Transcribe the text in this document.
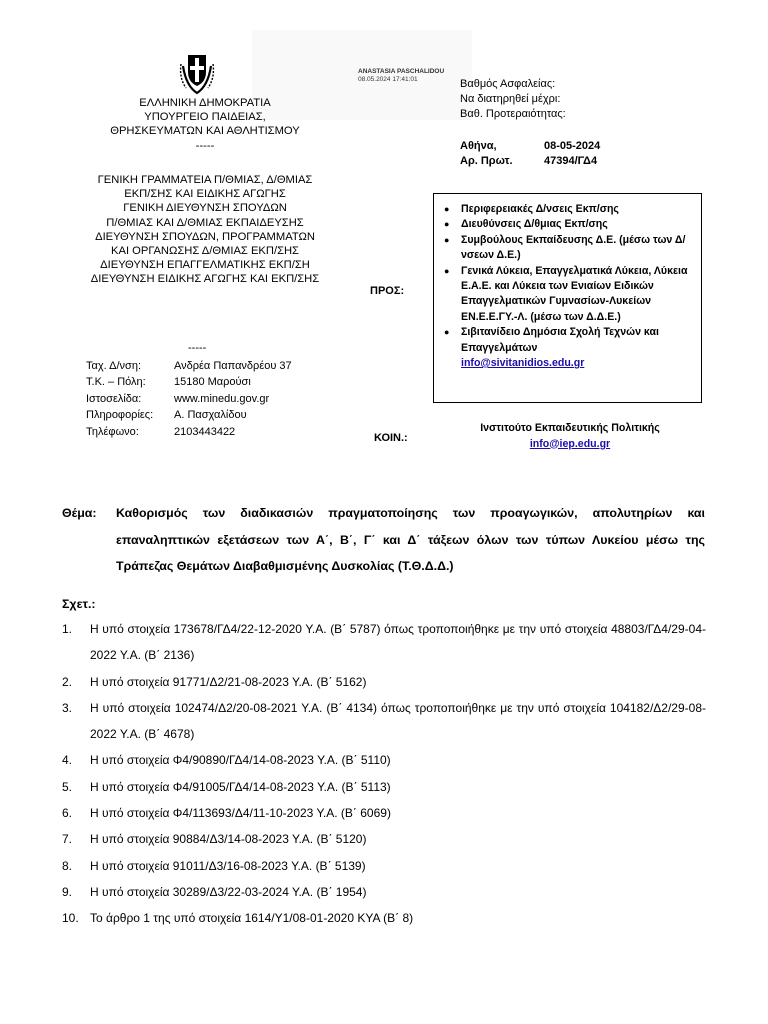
ΕΛΛΗΝΙΚΗ ΔΗΜΟΚΡΑΤΙΑ
ΥΠΟΥΡΓΕΙΟ ΠΑΙΔΕΙΑΣ,
ΘΡΗΣΚΕΥΜΑΤΩΝ ΚΑΙ ΑΘΛΗΤΙΣΜΟΥ
-----
ΓΕΝΙΚΗ ΓΡΑΜΜΑΤΕΙΑ Π/ΘΜΙΑΣ, Δ/ΘΜΙΑΣ
ΕΚΠ/ΣΗΣ ΚΑΙ ΕΙΔΙΚΗΣ ΑΓΩΓΗΣ
ΓΕΝΙΚΗ ΔΙΕΥΘΥΝΣΗ ΣΠΟΥΔΩΝ
Π/ΘΜΙΑΣ ΚΑΙ Δ/ΘΜΙΑΣ ΕΚΠΑΙΔΕΥΣΗΣ
ΔΙΕΥΘΥΝΣΗ ΣΠΟΥΔΩΝ, ΠΡΟΓΡΑΜΜΑΤΩΝ
ΚΑΙ ΟΡΓΑΝΩΣΗΣ Δ/ΘΜΙΑΣ ΕΚΠ/ΣΗΣ
ΔΙΕΥΘΥΝΣΗ ΕΠΑΓΓΕΛΜΑΤΙΚΗΣ ΕΚΠ/ΣΗ
ΔΙΕΥΘΥΝΣΗ ΕΙΔΙΚΗΣ ΑΓΩΓΗΣ ΚΑΙ ΕΚΠ/ΣΗΣ
-----
ANASTASIA PASCHALIDOU
08.05.2024 17:41:01	Βαθμός Ασφαλείας:
Να διατηρηθεί μέχρι:
Βαθ. Προτεραιότητας:
Αθήνα,	08-05-2024
Αρ. Πρωτ.	47394/ΓΔ4
Ταχ. Δ/νση:	Ανδρέα Παπανδρέου 37
Τ.Κ. – Πόλη:	15180 Μαρούσι
Ιστοσελίδα:	www.minedu.gov.gr
Πληροφορίες:	Α. Πασχαλίδου
Τηλέφωνο:	2103443422
ΠΡΟΣ:
●	Περιφερειακές Δ/νσεις Εκπ/σης
●	Διευθύνσεις Δ/θμιας Εκπ/σης
●	Συμβούλους Εκπαίδευσης Δ.Ε. (μέσω των Δ/νσεων Δ.Ε.)
●	Γενικά Λύκεια, Επαγγελματικά Λύκεια, Λύκεια Ε.Α.Ε. και Λύκεια των Ενιαίων Ειδικών Επαγγελματικών Γυμνασίων-Λυκείων ΕΝ.Ε.Ε.ΓΥ.-Λ. (μέσω των Δ.Δ.Ε.)
●	Σιβιτανίδειο Δημόσια Σχολή Τεχνών και Επαγγελμάτων
info@sivitanidios.edu.gr
ΚΟΙΝ.:
Ινστιτούτο Εκπαιδευτικής Πολιτικής
info@iep.edu.gr
Θέμα: Καθορισμός των διαδικασιών πραγματοποίησης των προαγωγικών, απολυτηρίων και επαναληπτικών εξετάσεων των Α΄, Β΄, Γ΄ και Δ΄ τάξεων όλων των τύπων Λυκείου μέσω της Τράπεζας Θεμάτων Διαβαθμισμένης Δυσκολίας (Τ.Θ.Δ.Δ.)
Σχετ.:
1.	Η υπό στοιχεία 173678/ΓΔ4/22-12-2020 Υ.Α. (Β΄ 5787) όπως τροποποιήθηκε με την υπό στοιχεία 48803/ΓΔ4/29-04-2022 Υ.Α. (Β΄ 2136)
2.	Η υπό στοιχεία 91771/Δ2/21-08-2023 Υ.Α. (Β΄ 5162)
3.	Η υπό στοιχεία 102474/Δ2/20-08-2021 Υ.Α. (Β΄ 4134) όπως τροποποιήθηκε με την υπό στοιχεία 104182/Δ2/29-08-2022 Υ.Α. (Β΄ 4678)
4.	Η υπό στοιχεία Φ4/90890/ΓΔ4/14-08-2023 Υ.Α. (Β΄ 5110)
5.	Η υπό στοιχεία Φ4/91005/ΓΔ4/14-08-2023 Υ.Α. (Β΄ 5113)
6.	Η υπό στοιχεία Φ4/113693/Δ4/11-10-2023 Υ.Α. (Β΄ 6069)
7.	Η υπό στοιχεία 90884/Δ3/14-08-2023 Υ.Α. (Β΄ 5120)
8.	Η υπό στοιχεία 91011/Δ3/16-08-2023 Υ.Α. (Β΄ 5139)
9.	Η υπό στοιχεία 30289/Δ3/22-03-2024 Υ.Α. (Β΄ 1954)
10. Το άρθρο 1 της υπό στοιχεία 1614/Υ1/08-01-2020 ΚΥΑ (Β΄ 8)
